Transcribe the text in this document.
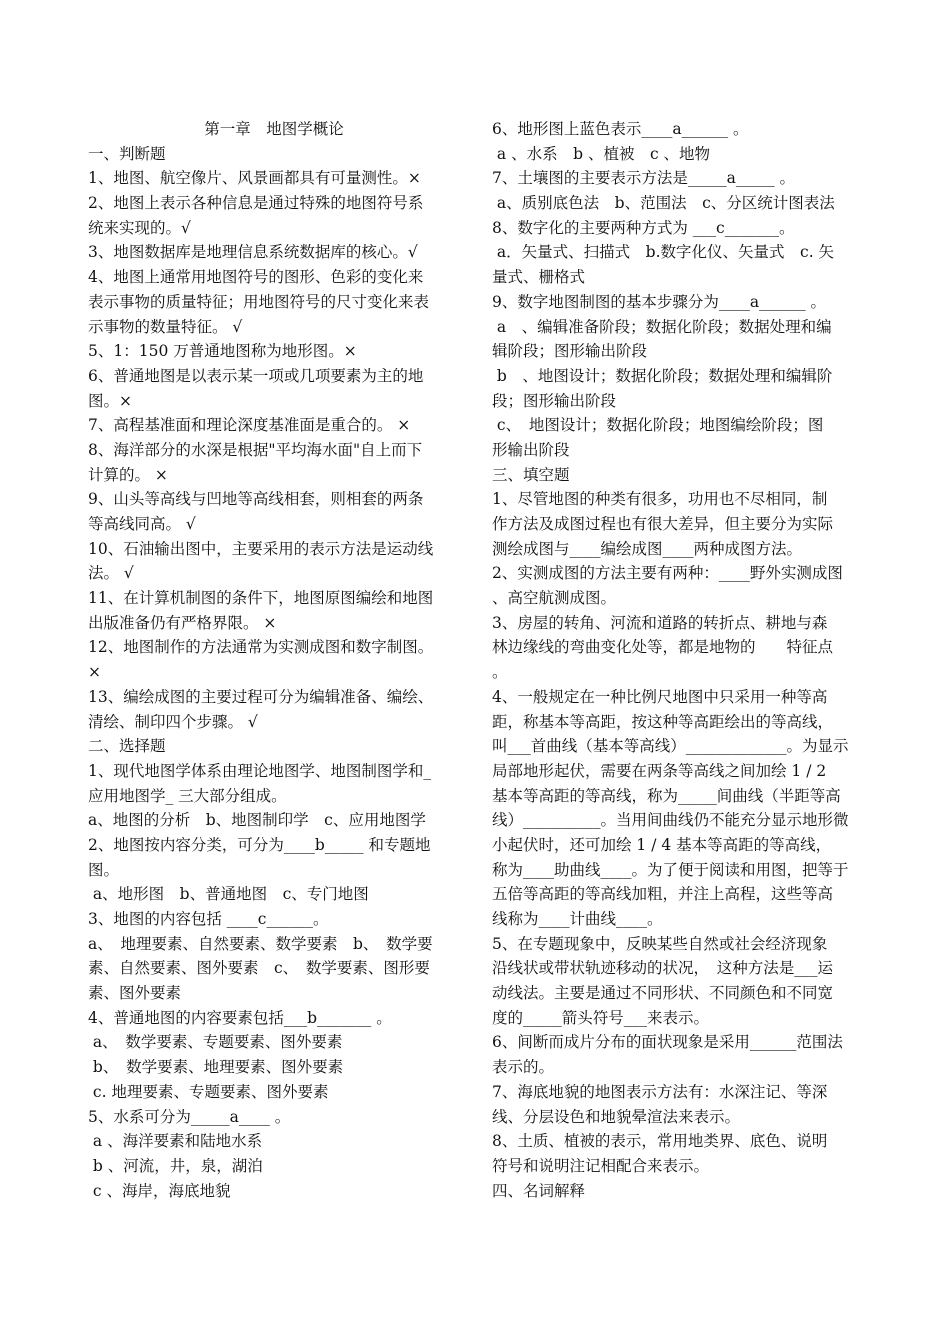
第一章　地图学概论
一、判断题
1、地图、航空像片、风景画都具有可量测性。×
2、地图上表示各种信息是通过特殊的地图符号系
统来实现的。√
3、地图数据库是地理信息系统数据库的核心。√
4、地图上通常用地图符号的图形、色彩的变化来
表示事物的质量特征；用地图符号的尺寸变化来表
示事物的数量特征。 √
5、1：150 万普通地图称为地形图。×
6、普通地图是以表示某一项或几项要素为主的地
图。×
7、高程基准面和理论深度基准面是重合的。 ×
8、海洋部分的水深是根据"平均海水面"自上而下
计算的。 ×
9、山头等高线与凹地等高线相套，则相套的两条
等高线同高。 √
10、石油输出图中，主要采用的表示方法是运动线
法。 √
11、在计算机制图的条件下，地图原图编绘和地图
出版准备仍有严格界限。 ×
12、地图制作的方法通常为实测成图和数字制图。
×
13、编绘成图的主要过程可分为编辑准备、编绘、
清绘、制印四个步骤。 √
二、选择题
1、现代地图学体系由理论地图学、地图制图学和_
应用地图学_ 三大部分组成。
a、地图的分析　b、地图制印学　c、应用地图学
2、地图按内容分类，可分为____b_____ 和专题地
图。
a、地形图　b、普通地图　c、专门地图
3、地图的内容包括 ____c______。
a、　地理要素、自然要素、数学要素　b、　数学要
素、自然要素、图外要素　c、　数学要素、图形要
素、图外要素
4、普通地图的内容要素包括___b_______ 。
a、　数学要素、专题要素、图外要素
b、　数学要素、地理要素、图外要素
c. 地理要素、专题要素、图外要素
5、水系可分为_____a____ 。
a 、海洋要素和陆地水系
b 、河流，井，泉，湖泊
c 、海岸，海底地貌
6、地形图上蓝色表示____a______ 。
a 、水系　b 、植被　c 、地物
7、土壤图的主要表示方法是_____a_____ 。
a、质别底色法　b、范围法　c、分区统计图表法
8、数字化的主要两种方式为 ___c_______。
a．矢量式、扫描式　b.数字化仪、矢量式　c. 矢
量式、栅格式
9、数字地图制图的基本步骤分为____a______ 。
a　、编辑准备阶段；数据化阶段；数据处理和编
辑阶段；图形输出阶段
b　、地图设计；数据化阶段；数据处理和编辑阶
段；图形输出阶段
c、　地图设计；数据化阶段；地图编绘阶段；图
形输出阶段
三、填空题
1、尽管地图的种类有很多，功用也不尽相同，制
作方法及成图过程也有很大差异，但主要分为实际
测绘成图与____编绘成图____两种成图方法。
2、实测成图的方法主要有两种：____野外实测成图
、高空航测成图。
3、房屋的转角、河流和道路的转折点、耕地与森
林边缘线的弯曲变化处等，都是地物的　　特征点
。
4、一般规定在一种比例尺地图中只采用一种等高
距，称基本等高距，按这种等高距绘出的等高线，
叫___首曲线（基本等高线）_____________。为显示
局部地形起伏，需要在两条等高线之间加绘 1 / 2
基本等高距的等高线，称为_____间曲线（半距等高
线）__________。当用间曲线仍不能充分显示地形微
小起伏时，还可加绘 1 / 4 基本等高距的等高线，
称为____助曲线____。为了便于阅读和用图，把等于
五倍等高距的等高线加粗，并注上高程，这些等高
线称为____计曲线____。
5、在专题现象中，反映某些自然或社会经济现象
沿线状或带状轨迹移动的状况，　这种方法是___运
动线法。主要是通过不同形状、不同颜色和不同宽
度的_____箭头符号___来表示。
6、间断而成片分布的面状现象是采用______范围法
表示的。
7、海底地貌的地图表示方法有：水深注记、等深
线、分层设色和地貌晕渲法来表示。
8、土质、植被的表示，常用地类界、底色、说明
符号和说明注记相配合来表示。
四、名词解释
